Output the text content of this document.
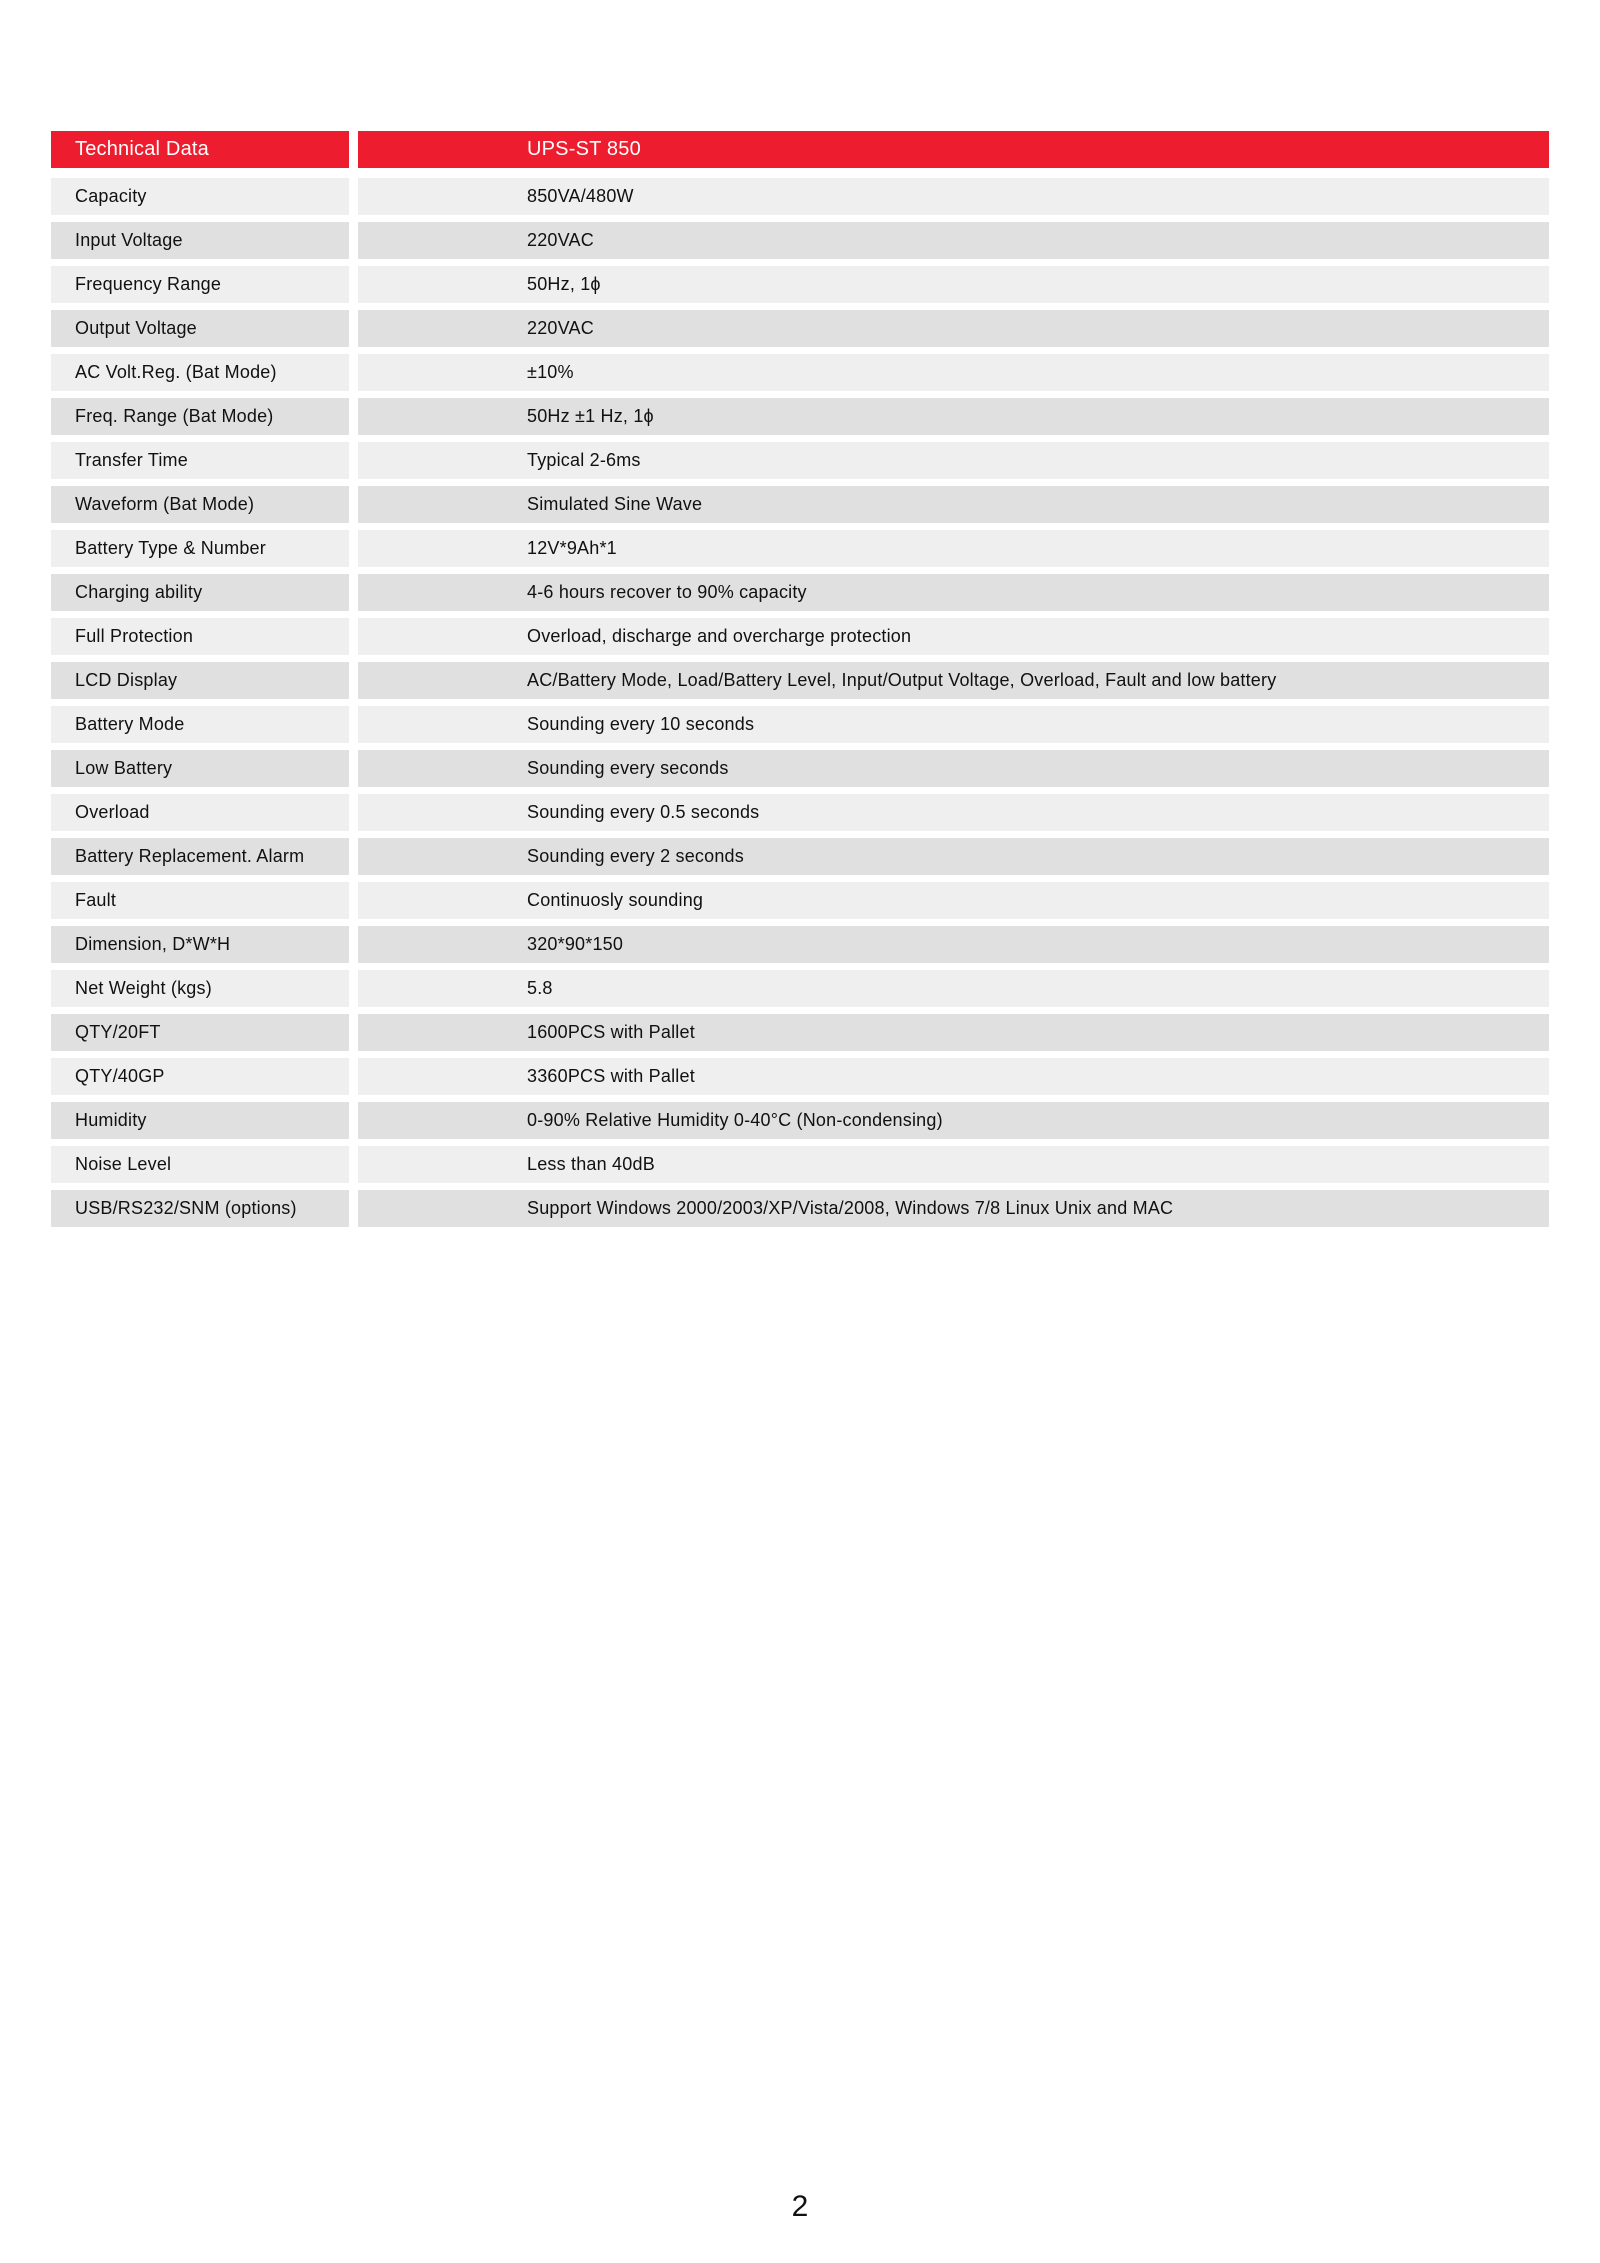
Technical Data	UPS-ST 850
Capacity	850VA/480W
Input Voltage	220VAC
Frequency Range	50Hz, 1ϕ
Output Voltage	220VAC
AC Volt.Reg. (Bat Mode)	±10%
Freq. Range (Bat Mode)	50Hz ±1 Hz, 1ϕ
Transfer Time	Typical 2-6ms
Waveform (Bat Mode)	Simulated Sine Wave
Battery Type & Number	12V*9Ah*1
Charging ability	4-6 hours recover to 90% capacity
Full Protection	Overload, discharge and overcharge protection
LCD Display	AC/Battery Mode, Load/Battery Level, Input/Output Voltage, Overload, Fault and low battery
Battery Mode	Sounding every 10 seconds
Low Battery	Sounding every seconds
Overload	Sounding every 0.5 seconds
Battery Replacement. Alarm	Sounding every 2 seconds
Fault	Continuosly sounding
Dimension, D*W*H	320*90*150
Net Weight (kgs)	5.8
QTY/20FT	1600PCS with Pallet
QTY/40GP	3360PCS with Pallet
Humidity	0-90% Relative Humidity 0-40°C (Non-condensing)
Noise Level	Less than 40dB
USB/RS232/SNM (options)	Support Windows 2000/2003/XP/Vista/2008, Windows 7/8 Linux Unix and MAC
2
